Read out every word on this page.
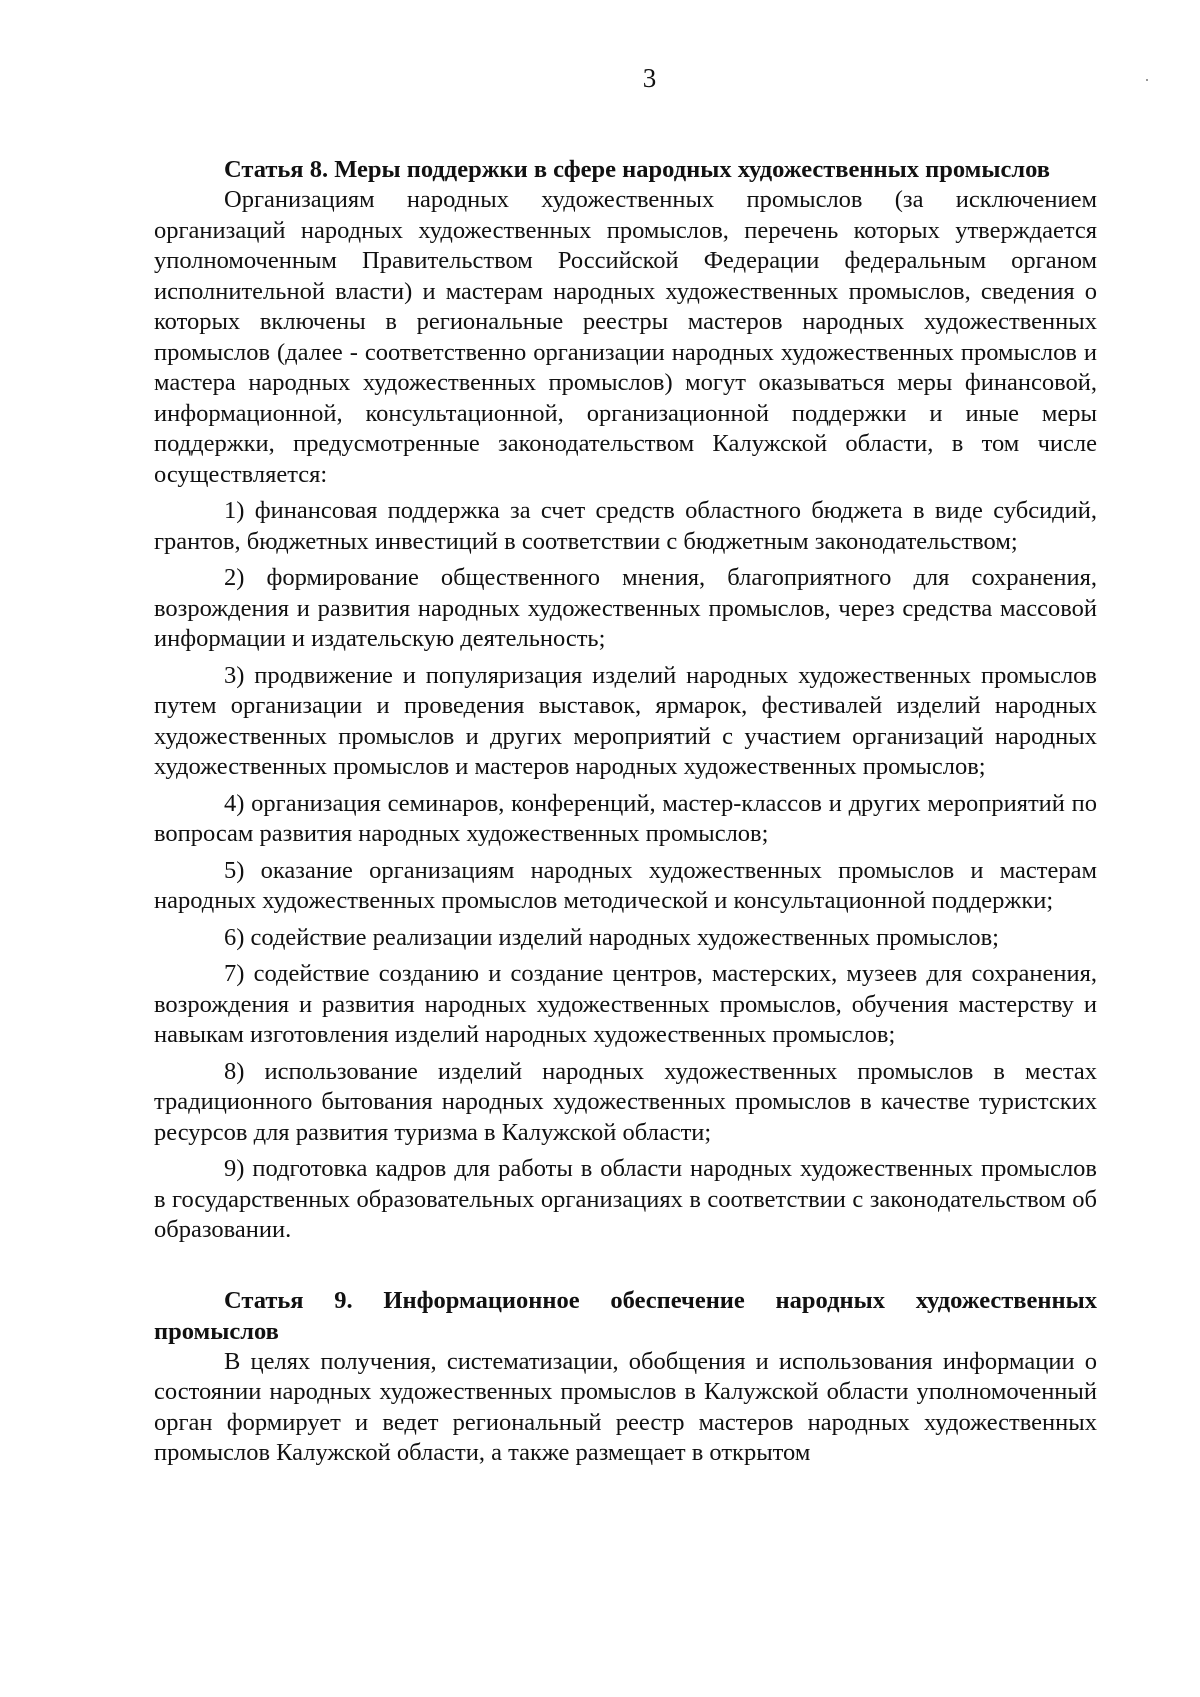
3
Статья 8. Меры поддержки в сфере народных художественных промыслов

Организациям народных художественных промыслов (за исключением организаций народных художественных промыслов, перечень которых утверждается уполномоченным Правительством Российской Федерации федеральным органом исполнительной власти) и мастерам народных художественных промыслов, сведения о которых включены в региональные реестры мастеров народных художественных промыслов (далее - соответственно организации народных художественных промыслов и мастера народных художественных промыслов) могут оказываться меры финансовой, информационной, консультационной, организационной поддержки и иные меры поддержки, предусмотренные законодательством Калужской области, в том числе осуществляется:

1) финансовая поддержка за счет средств областного бюджета в виде субсидий, грантов, бюджетных инвестиций в соответствии с бюджетным законодательством;
2) формирование общественного мнения, благоприятного для сохранения, возрождения и развития народных художественных промыслов, через средства массовой информации и издательскую деятельность;
3) продвижение и популяризация изделий народных художественных промыслов путем организации и проведения выставок, ярмарок, фестивалей изделий народных художественных промыслов и других мероприятий с участием организаций народных художественных промыслов и мастеров народных художественных промыслов;
4) организация семинаров, конференций, мастер-классов и других мероприятий по вопросам развития народных художественных промыслов;
5) оказание организациям народных художественных промыслов и мастерам народных художественных промыслов методической и консультационной поддержки;
6) содействие реализации изделий народных художественных промыслов;
7) содействие созданию и создание центров, мастерских, музеев для сохранения, возрождения и развития народных художественных промыслов, обучения мастерству и навыкам изготовления изделий народных художественных промыслов;
8) использование изделий народных художественных промыслов в местах традиционного бытования народных художественных промыслов в качестве туристских ресурсов для развития туризма в Калужской области;
9) подготовка кадров для работы в области народных художественных промыслов в государственных образовательных организациях в соответствии с законодательством об образовании.
Статья 9. Информационное обеспечение народных художественных промыслов

В целях получения, систематизации, обобщения и использования информации о состоянии народных художественных промыслов в Калужской области уполномоченный орган формирует и ведет региональный реестр мастеров народных художественных промыслов Калужской области, а также размещает в открытом
